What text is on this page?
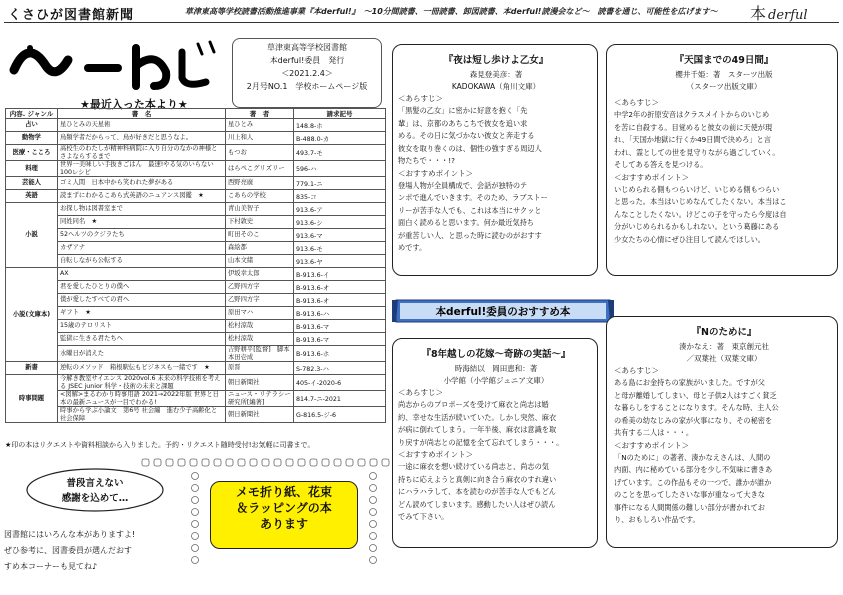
くさひが図書館新聞	草津東高等学校読書活動推進事業『本derful!』　～10分間読書、一冊読書、卸図読書、本derful!読漫会など～　読書を通じ、可能性を広げます～ 本 derful
草津東高等学校図書館
本derful!委員　発行
＜2021.2.4＞
2月号NO.1　学校ホームページ版
★最近入った本より★
内容. ジャンル	書　名	著　者	請求記号
占い	星ひとみの天星術	星ひとみ	148.8-ホ
動物学	鳥類学者だからって、鳥が好きだと思うなよ。	川上和人	B-488.0-カ
医療・こころ	高校生のわたしが精神科病院に入り自分のなかの神様とさよならするまで	もつお	493.7-モ
料理	世界一美味しい手抜きごはん　最速!やる気のいらない100レシピ	はらぺこグリズリー	596-ハ
芸能人	ゴミ人間　日本中から笑われた夢がある	西野亮廣	779.1-ニ
英語	読まずにわかるこあら式英語のニュアンス図鑑　★	こあらの学校	835-コ
小説	お探し物は図書室まで	青山美智子	913.6-ア
	同姓同名　★	下村敦史	913.6-シ
	52ヘルツのクジラたち	町田そのこ	913.6-マ
	カザアナ	森絵都	913.6-モ
	自転しながら公転する	山本文緒	913.6-ヤ
小説(文庫本)	AX	伊坂幸太郎	B-913.6-イ
	君を愛したひとりの僕へ	乙野四方字	B-913.6-オ
	僕が愛したすべての君へ	乙野四方字	B-913.6-オ
	ギフト　★	原田マハ	B-913.6-ハ
	15歳のテロリスト	松村涼哉	B-913.6-マ
	監獄に生きる君たちへ	松村涼哉	B-913.6-マ
	水曜日が消えた	吉野耕平[監督]　脚本　本田壱成	B-913.6-ホ
新書	逆転のメソッド　箱根駅伝もビジネスも一緒です　★	原晋	S-782.3-ハ
時事問題	今解き教室サイエンス 2020vol.6 未来の科学技術を考える JSEC junior 科学・技術の未来と課題	朝日新聞社	405-イ-2020-6
	<図解>まるわかり時事用語 2021→2022年版 世界と日本の最新ニュースが一目でわかる!	ニュース・リテラシー研究所[編著]	814.7-ニ-2021
	時事から学ぶ小論文　第6号 社会編　進む少子高齢化と社会保障	朝日新聞社	G-816.5-ジ-6
★印の本はリクエストや資料相談から入りました。予約・リクエスト随時受付!お気軽に司書まで。
普段言えない
感謝を込めて…	メモ折り紙、花束
＆ラッピングの本
あります
図書館にはいろんな本がありますよ!
ぜひ参考に、図書委員が選んだおす
すめ本コーナーも見てね♪
本derful!委員のおすすめ本
『夜は短し歩けよ乙女』
森見登美彦：著
KADOKAWA（角川文庫）
＜あらすじ＞
「黒髪の乙女」に密かに好意を抱く「先
輩」は、京都のあちこちで彼女を追い求
める。その日に気づかない彼女と奔走する
彼女を取り巻くのは、個性の強すぎる周辺人
物たちで・・・!?
＜おすすめポイント＞
登場人物が全員構成で、会話が独特のテ
ンポで進んでいきます。そのため、ラブストー
リーが苦手な人でも、これは本当にサクッと
面白く読めると思います。何か最近気持ち
が重苦しい人、と思った時に読むのがおすす
めです。
『天国までの49日間』
櫻井千姫：著　スターツ出版
（スターツ出版文庫）
＜あらすじ＞
中学2年の折原安音はクラスメイトからのいじめ
を苦に自殺する。目覚めると彼女の前に天使が現
れ、「天国か地獄に行くか49日間で決めろ」と言
われ、霊としての世を見守りながら過ごしていく。
そしてある答えを見つける。
＜おすすめポイント＞
いじめられる側もつらいけど、いじめる側もつらい
と思った。本当はいじめなんてしたくない。本当はこ
んなことしたくない。けどこの子を守ったら今度は自
分がいじめられるかもしれない。という葛藤にある
少女たちの心情にぜひ注目して読んでほしい。
『8年越しの花嫁～奇跡の実話～』
時海結以　岡田恵和：著
小学館（小学館ジュニア文庫）
＜あらすじ＞
尚志からのプロポーズを受けて麻衣と尚志は婚
約、幸せな生活が続いていた。しかし突然、麻衣
が病に倒れてしまう。一年半後、麻衣は意識を取
り戻すが尚志との記憶を全て忘れてしまう・・・。
＜おすすめポイント＞
一途に麻衣を想い続けている尚志と、尚志の気
持ちに応えようと真剣に向き合う麻衣のすれ違い
にハラハラして、本を読むのが苦手な人でもどん
どん読めてしまいます。感動したい人はぜひ読ん
でみて下さい。
『Nのために』
湊かなえ：著　東京創元社
／双葉社（双葉文庫）
＜あらすじ＞
ある島にお金持ちの家族がいました。ですが父
と母が離婚してしまい、母と子供2人はすごく貧乏
な暮らしをすることになります。そんな時、主人公
の希美の幼なじみの家が火事になり、その秘密を
共有する二人は・・・。
＜おすすめポイント＞
「Nのために」の著者、湊かなえさんは、人間の
内面、内に秘めている部分を少し不気味に書きあ
げています。この作品もその一つで、誰かが誰か
のことを思ってしたさいな事が重なって大きな
事件になる人間関係の難しい部分が書かれてお
り、おもしろい作品です。
